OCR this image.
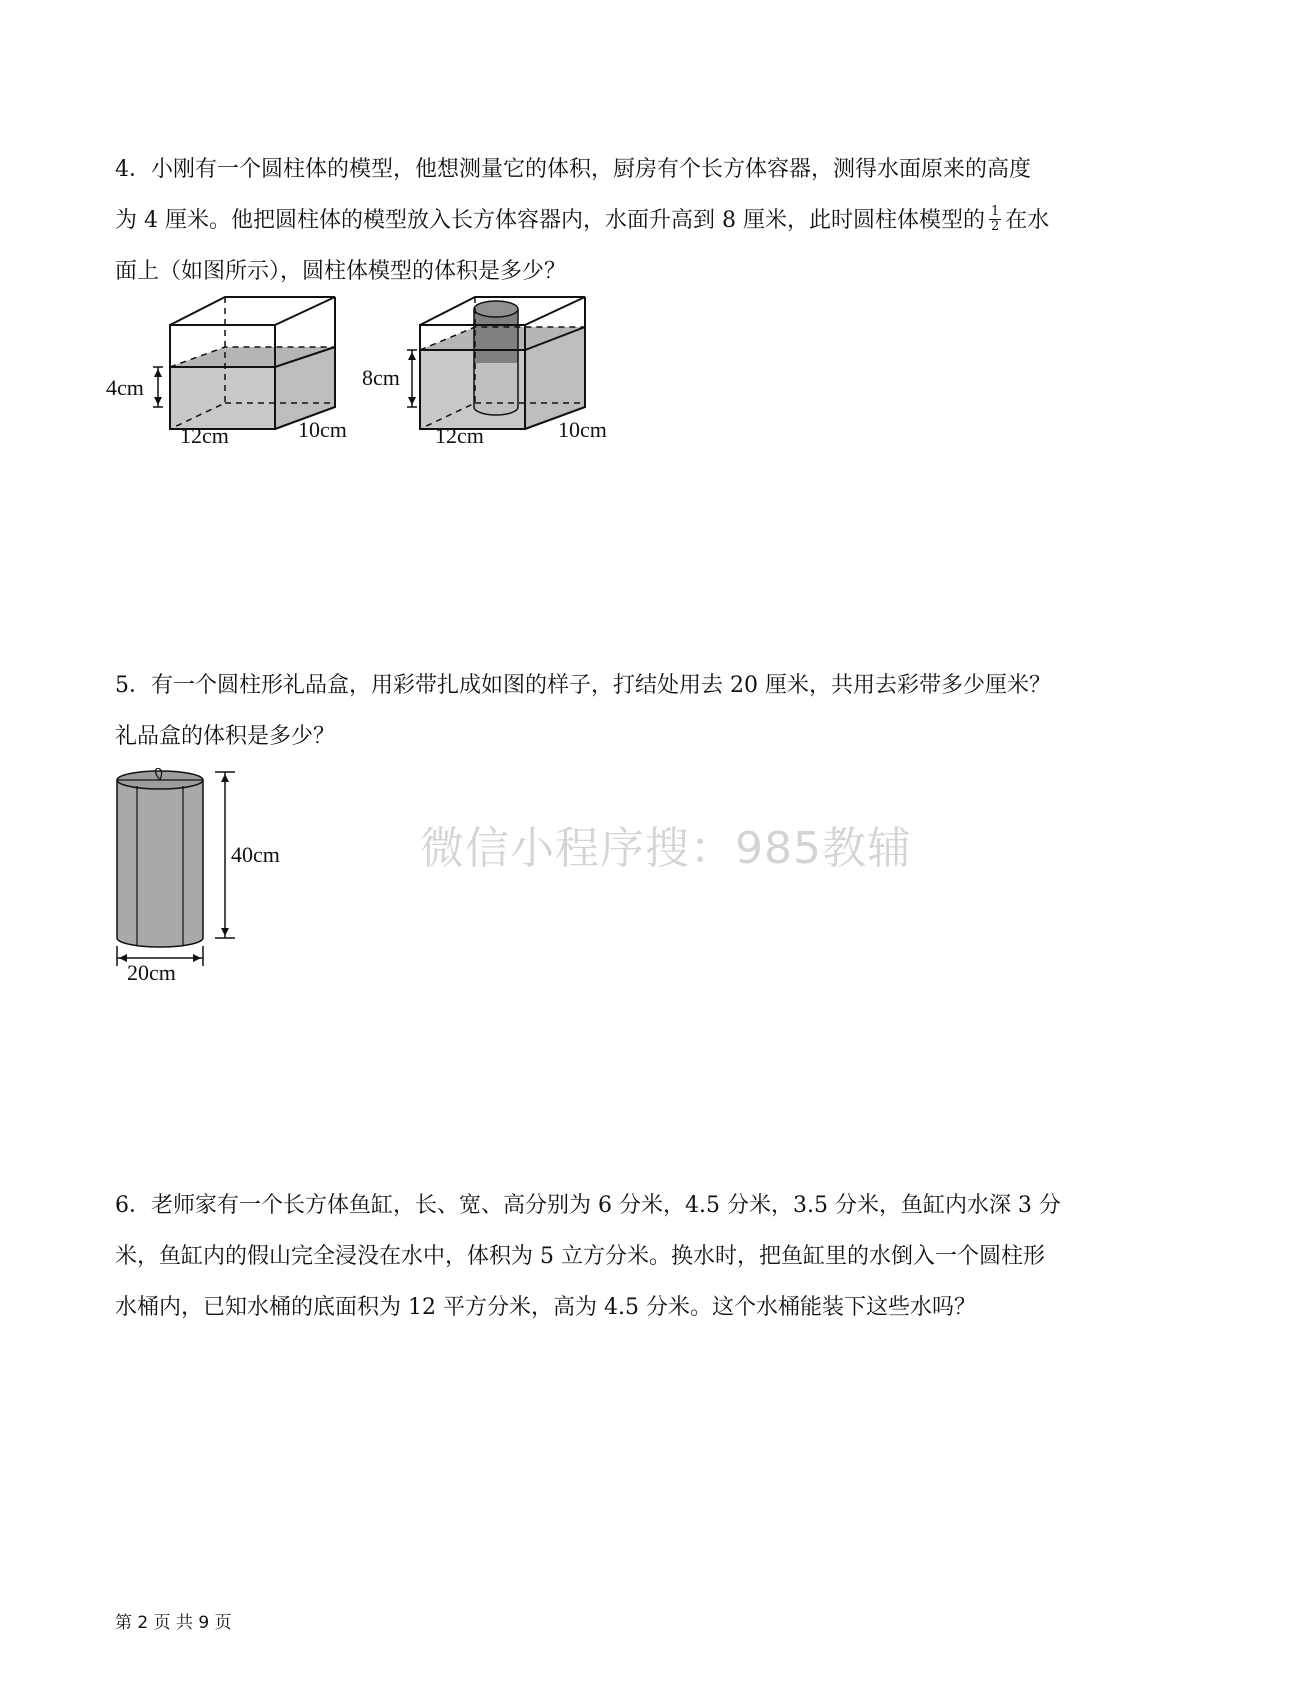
4．小刚有一个圆柱体的模型，他想测量它的体积，厨房有个长方体容器，测得水面原来的高度
为 4 厘米。他把圆柱体的模型放入长方体容器内，水面升高到 8 厘米，此时圆柱体模型的 $\frac{1}{2}$ 在水
面上（如图所示），圆柱体模型的体积是多少？
4cm
12cm	10cm
8cm
12cm	10cm
5．有一个圆柱形礼品盒，用彩带扎成如图的样子，打结处用去 20 厘米，共用去彩带多少厘米？
礼品盒的体积是多少？
40cm
20cm
微信小程序搜：985教辅
6．老师家有一个长方体鱼缸，长、宽、高分别为 6 分米，4.5 分米，3.5 分米，鱼缸内水深 3 分
米，鱼缸内的假山完全浸没在水中，体积为 5 立方分米。换水时，把鱼缸里的水倒入一个圆柱形
水桶内，已知水桶的底面积为 12 平方分米，高为 4.5 分米。这个水桶能装下这些水吗？
第 2 页 共 9 页
